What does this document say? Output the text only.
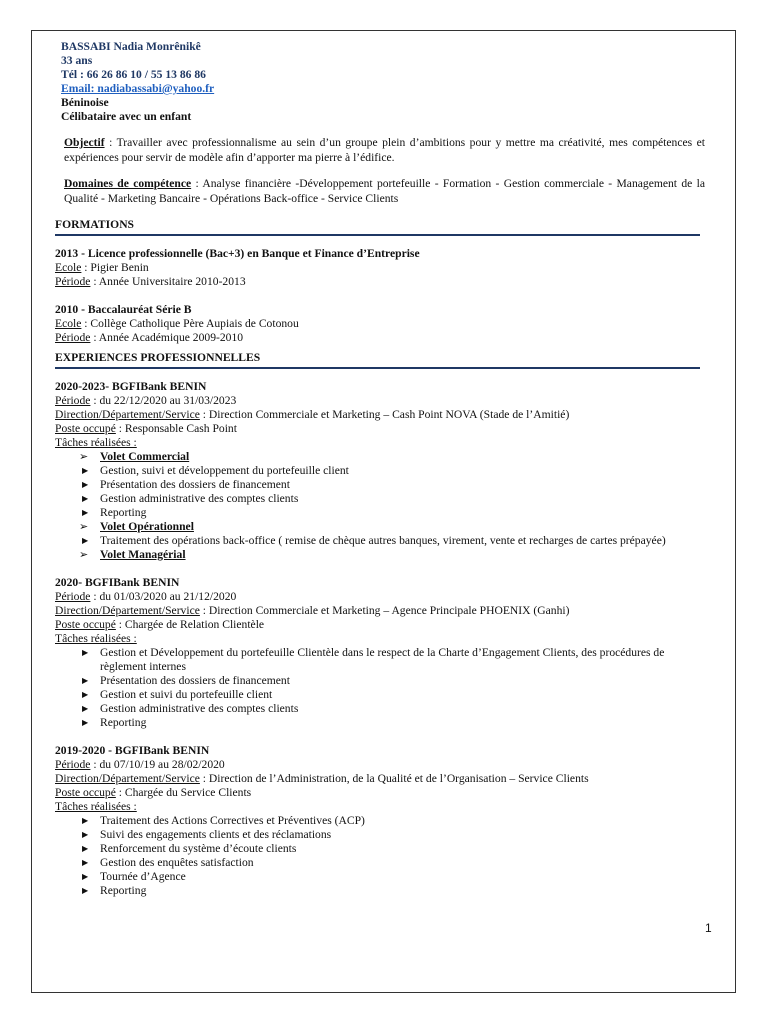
BASSABI Nadia Monrênikê
33 ans
Tél : 66 26 86 10 / 55 13 86 86
Email: nadiabassabi@yahoo.fr
Béninoise
Célibataire avec un enfant
Objectif : Travailler avec professionnalisme au sein d’un groupe plein d’ambitions pour y mettre ma créativité, mes compétences et expériences pour servir de modèle afin d’apporter ma pierre à l’édifice.
Domaines de compétence : Analyse financière -Développement portefeuille - Formation - Gestion commerciale - Management de la Qualité - Marketing Bancaire - Opérations Back-office - Service Clients
FORMATIONS
2013 - Licence professionnelle (Bac+3) en Banque et Finance d’Entreprise
Ecole : Pigier Benin
Période : Année Universitaire 2010-2013
2010 - Baccalauréat Série B
Ecole : Collège Catholique Père Aupiais de Cotonou
Période : Année Académique 2009-2010
EXPERIENCES PROFESSIONNELLES
2020-2023- BGFIBank BENIN
Période : du 22/12/2020 au 31/03/2023
Direction/Département/Service : Direction Commerciale et Marketing – Cash Point NOVA (Stade de l’Amitié)
Poste occupé : Responsable Cash Point
Tâches réalisées :
➢ Volet Commercial
▶ Gestion, suivi et développement du portefeuille client
▶ Présentation des dossiers de financement
▶ Gestion administrative des comptes clients
▶ Reporting
➢ Volet Opérationnel
▶ Traitement des opérations back-office ( remise de chèque autres banques, virement, vente et recharges de cartes prépayée)
➢ Volet Managérial
2020- BGFIBank BENIN
Période : du 01/03/2020 au 21/12/2020
Direction/Département/Service : Direction Commerciale et Marketing – Agence Principale PHOENIX (Ganhi)
Poste occupé : Chargée de Relation Clientèle
Tâches réalisées :
▶ Gestion et Développement du portefeuille Clientèle dans le respect de la Charte d’Engagement Clients, des procédures de règlement internes
▶ Présentation des dossiers de financement
▶ Gestion et suivi du portefeuille client
▶ Gestion administrative des comptes clients
▶ Reporting
2019-2020 - BGFIBank BENIN
Période : du 07/10/19 au 28/02/2020
Direction/Département/Service : Direction de l’Administration, de la Qualité et de l’Organisation – Service Clients
Poste occupé : Chargée du Service Clients
Tâches réalisées :
▶ Traitement des Actions Correctives et Préventives (ACP)
▶ Suivi des engagements clients et des réclamations
▶ Renforcement du système d’écoute clients
▶ Gestion des enquêtes satisfaction
▶ Tournée d’Agence
▶ Reporting
1
